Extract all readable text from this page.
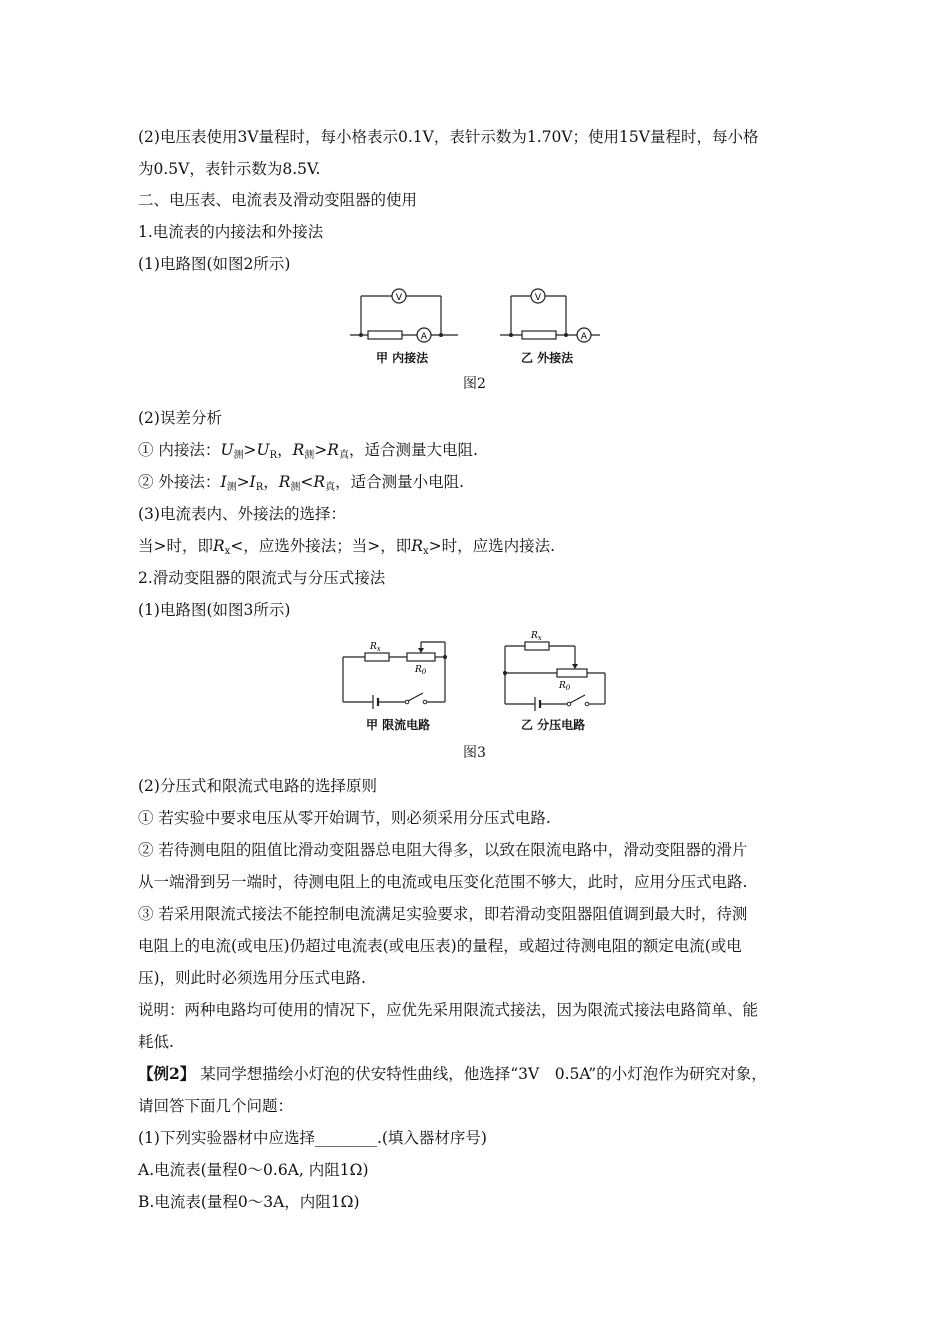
(2)电压表使用3V量程时，每小格表示0.1V，表针示数为1.70V；使用15V量程时，每小格
为0.5V，表针示数为8.5V.
二、电压表、电流表及滑动变阻器的使用
1.电流表的内接法和外接法
(1)电路图(如图2所示)
V
A
甲 内接法
V
A
乙 外接法
图2
(2)误差分析
① 内接法：$U_测>U_R$，$R_测>R_真$，适合测量大电阻.
② 外接法：$I_测>I_R$，$R_测<R_真$，适合测量小电阻.
(3)电流表内、外接法的选择：
当>时，即$R_x<$，应选外接法；当>，即$R_x>$时，应选内接法.
2.滑动变阻器的限流式与分压式接法
(1)电路图(如图3所示)
$R_x$
$R_0$
甲 限流电路
$R_x$
$R_0$
乙 分压电路
图3
(2)分压式和限流式电路的选择原则
① 若实验中要求电压从零开始调节，则必须采用分压式电路.
② 若待测电阻的阻值比滑动变阻器总电阻大得多，以致在限流电路中，滑动变阻器的滑片
从一端滑到另一端时，待测电阻上的电流或电压变化范围不够大，此时，应用分压式电路.
③ 若采用限流式接法不能控制电流满足实验要求，即若滑动变阻器阻值调到最大时，待测
电阻上的电流(或电压)仍超过电流表(或电压表)的量程，或超过待测电阻的额定电流(或电
压)，则此时必须选用分压式电路.
说明：两种电路均可使用的情况下，应优先采用限流式接法，因为限流式接法电路简单、能
耗低.
【例2】 某同学想描绘小灯泡的伏安特性曲线，他选择“3V　0.5A”的小灯泡作为研究对象，
请回答下面几个问题：
(1)下列实验器材中应选择________.(填入器材序号)
A.电流表(量程0～0.6A, 内阻1Ω)
B.电流表(量程0～3A，内阻1Ω)
